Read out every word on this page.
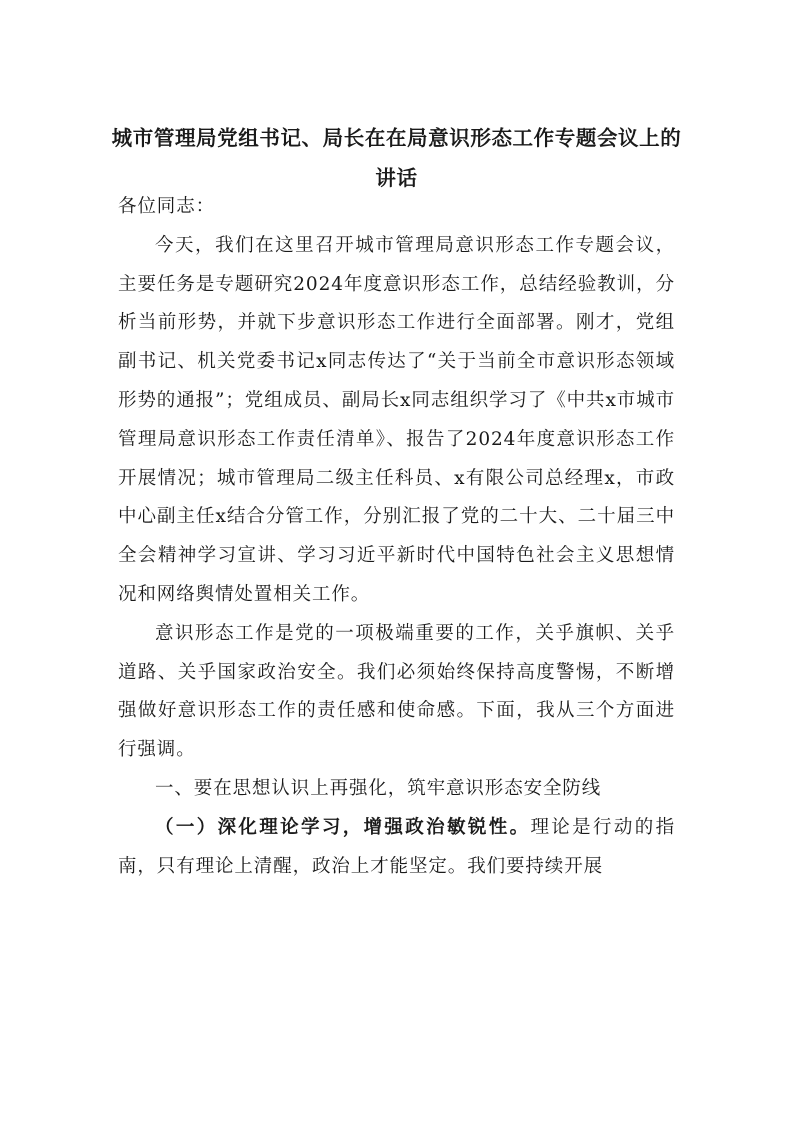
城市管理局党组书记、局长在在局意识形态工作专题会议上的讲话

各位同志：

今天，我们在这里召开城市管理局意识形态工作专题会议，主要任务是专题研究2024年度意识形态工作，总结经验教训，分析当前形势，并就下步意识形态工作进行全面部署。刚才，党组副书记、机关党委书记x同志传达了“关于当前全市意识形态领域形势的通报”；党组成员、副局长x同志组织学习了《中共x市城市管理局意识形态工作责任清单》、报告了2024年度意识形态工作开展情况；城市管理局二级主任科员、x有限公司总经理x，市政中心副主任x结合分管工作，分别汇报了党的二十大、二十届三中全会精神学习宣讲、学习习近平新时代中国特色社会主义思想情况和网络舆情处置相关工作。

意识形态工作是党的一项极端重要的工作，关乎旗帜、关乎道路、关乎国家政治安全。我们必须始终保持高度警惕，不断增强做好意识形态工作的责任感和使命感。下面，我从三个方面进行强调。

一、要在思想认识上再强化，筑牢意识形态安全防线

（一）深化理论学习，增强政治敏锐性。理论是行动的指南，只有理论上清醒，政治上才能坚定。我们要持续开展
